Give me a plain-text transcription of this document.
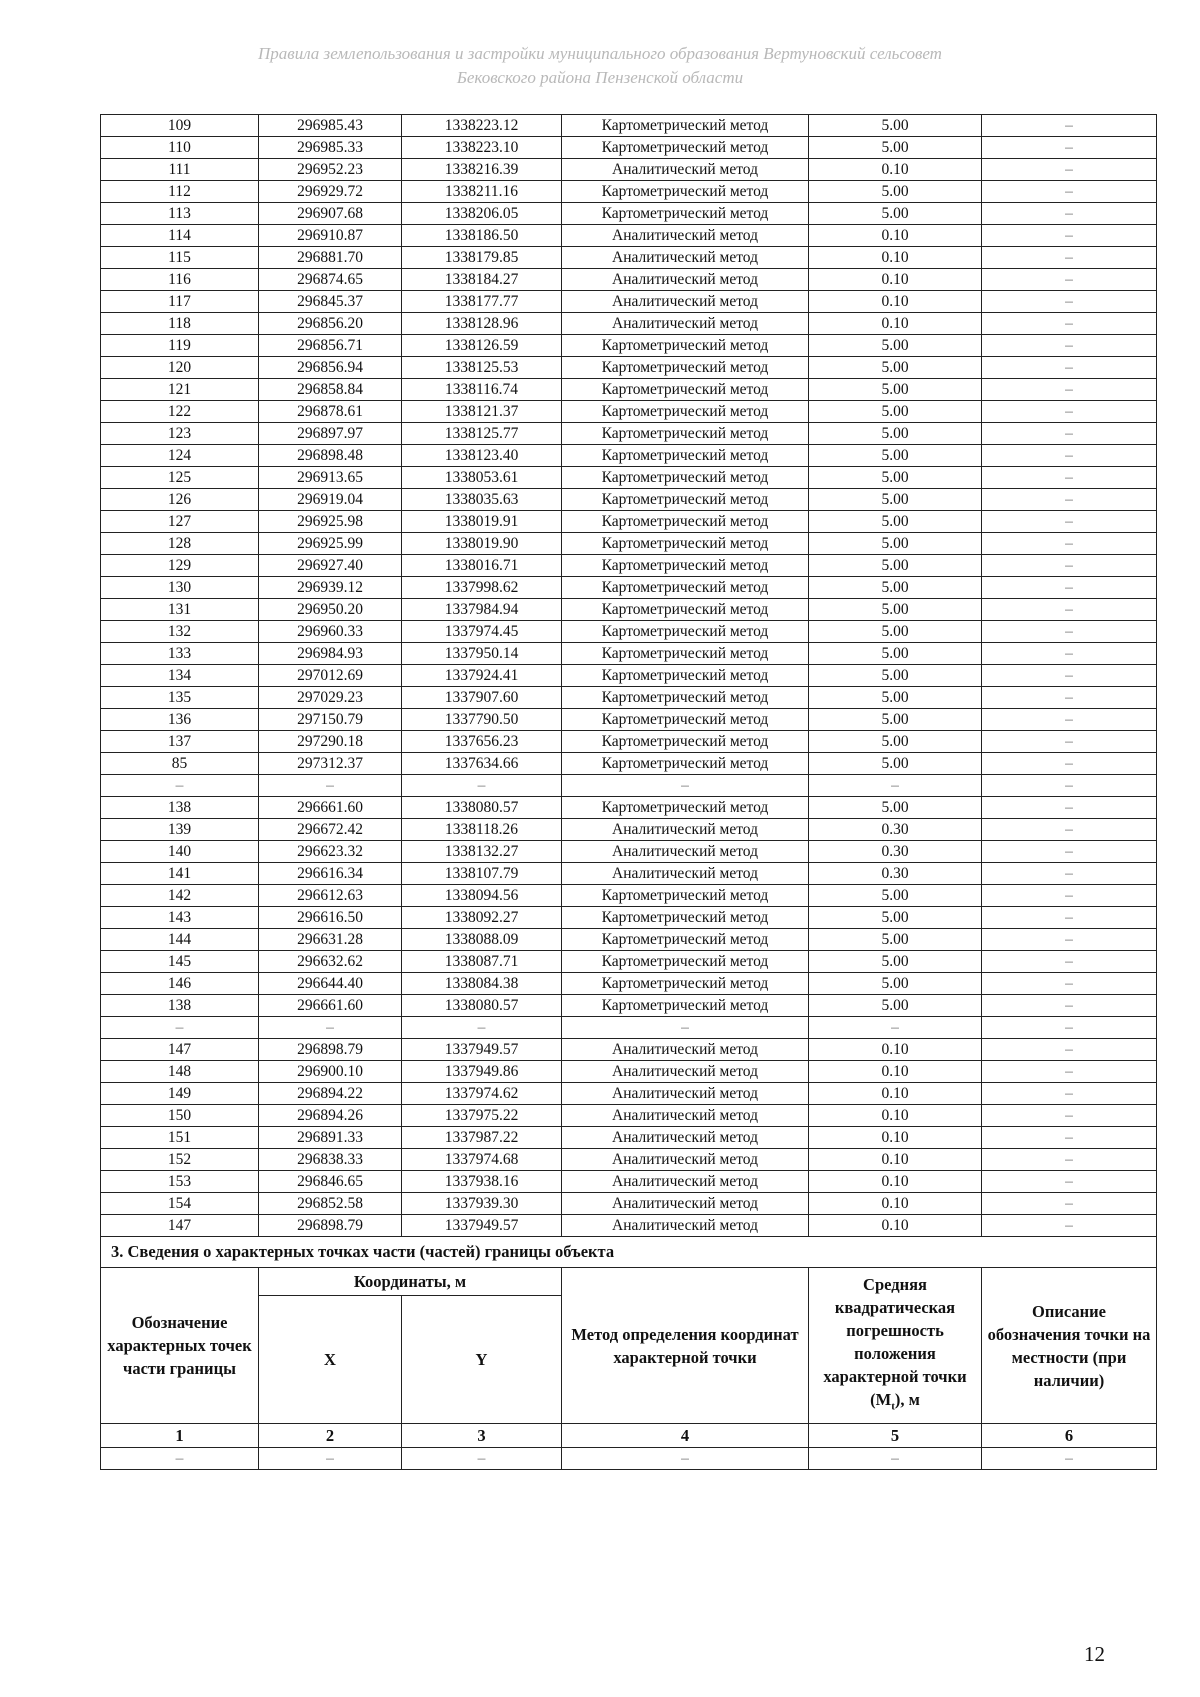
Правила землепользования и застройки муниципального образования Вертуновский сельсовет
Бековского района Пензенской области
109	296985.43	1338223.12	Картометрический метод	5.00	–
110	296985.33	1338223.10	Картометрический метод	5.00	–
111	296952.23	1338216.39	Аналитический метод	0.10	–
112	296929.72	1338211.16	Картометрический метод	5.00	–
113	296907.68	1338206.05	Картометрический метод	5.00	–
114	296910.87	1338186.50	Аналитический метод	0.10	–
115	296881.70	1338179.85	Аналитический метод	0.10	–
116	296874.65	1338184.27	Аналитический метод	0.10	–
117	296845.37	1338177.77	Аналитический метод	0.10	–
118	296856.20	1338128.96	Аналитический метод	0.10	–
119	296856.71	1338126.59	Картометрический метод	5.00	–
120	296856.94	1338125.53	Картометрический метод	5.00	–
121	296858.84	1338116.74	Картометрический метод	5.00	–
122	296878.61	1338121.37	Картометрический метод	5.00	–
123	296897.97	1338125.77	Картометрический метод	5.00	–
124	296898.48	1338123.40	Картометрический метод	5.00	–
125	296913.65	1338053.61	Картометрический метод	5.00	–
126	296919.04	1338035.63	Картометрический метод	5.00	–
127	296925.98	1338019.91	Картометрический метод	5.00	–
128	296925.99	1338019.90	Картометрический метод	5.00	–
129	296927.40	1338016.71	Картометрический метод	5.00	–
130	296939.12	1337998.62	Картометрический метод	5.00	–
131	296950.20	1337984.94	Картометрический метод	5.00	–
132	296960.33	1337974.45	Картометрический метод	5.00	–
133	296984.93	1337950.14	Картометрический метод	5.00	–
134	297012.69	1337924.41	Картометрический метод	5.00	–
135	297029.23	1337907.60	Картометрический метод	5.00	–
136	297150.79	1337790.50	Картометрический метод	5.00	–
137	297290.18	1337656.23	Картометрический метод	5.00	–
85	297312.37	1337634.66	Картометрический метод	5.00	–
–	–	–	–	–	–
138	296661.60	1338080.57	Картометрический метод	5.00	–
139	296672.42	1338118.26	Аналитический метод	0.30	–
140	296623.32	1338132.27	Аналитический метод	0.30	–
141	296616.34	1338107.79	Аналитический метод	0.30	–
142	296612.63	1338094.56	Картометрический метод	5.00	–
143	296616.50	1338092.27	Картометрический метод	5.00	–
144	296631.28	1338088.09	Картометрический метод	5.00	–
145	296632.62	1338087.71	Картометрический метод	5.00	–
146	296644.40	1338084.38	Картометрический метод	5.00	–
138	296661.60	1338080.57	Картометрический метод	5.00	–
–	–	–	–	–	–
147	296898.79	1337949.57	Аналитический метод	0.10	–
148	296900.10	1337949.86	Аналитический метод	0.10	–
149	296894.22	1337974.62	Аналитический метод	0.10	–
150	296894.26	1337975.22	Аналитический метод	0.10	–
151	296891.33	1337987.22	Аналитический метод	0.10	–
152	296838.33	1337974.68	Аналитический метод	0.10	–
153	296846.65	1337938.16	Аналитический метод	0.10	–
154	296852.58	1337939.30	Аналитический метод	0.10	–
147	296898.79	1337949.57	Аналитический метод	0.10	–
3. Сведения о характерных точках части (частей) границы объекта					
Обозначение характерных точек части границы	Координаты, м		Метод определения координат характерной точки	Средняя квадратическая погрешность положения характерной точки $(M_t)$, м	Описание обозначения точки на местности (при наличии)
	X	Y			
1	2	3	4	5	6
–	–	–	–	–	–
12
